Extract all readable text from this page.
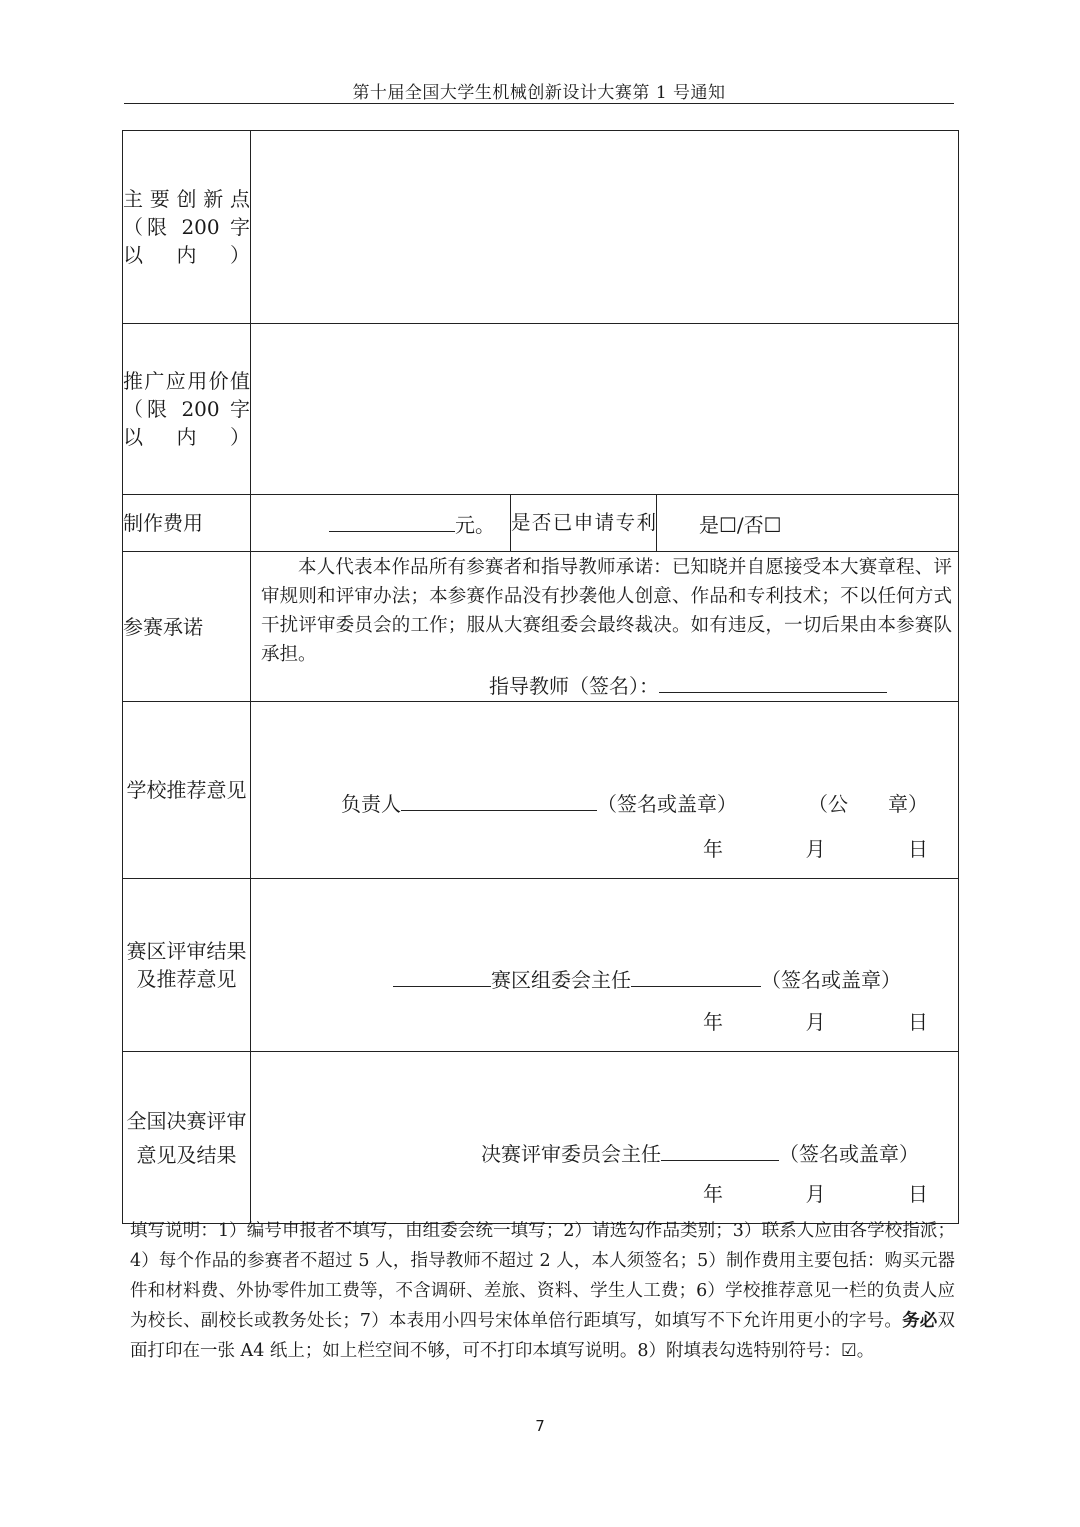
第十届全国大学生机械创新设计大赛第 1 号通知
主要创新点（限 200 字以内）			
推广应用价值（限 200 字以内）			
制作费用	元。	是否已申请专利	是☐/否☐
参赛承诺	本人代表本作品所有参赛者和指导教师承诺：已知晓并自愿接受本大赛章程、评审规则和评审办法；本参赛作品没有抄袭他人创意、作品和专利技术；不以任何方式干扰评审委员会的工作；服从大赛组委会最终裁决。如有违反，一切后果由本参赛队承担。
指导教师（签名）：		

学校推荐意见	负责人 （签名或盖章） （公　　章）
年 月 日		

赛区评审结果及推荐意见	赛区组委会主任 （签名或盖章）
年 月 日		

全国决赛评审意见及结果	决赛评审委员会主任 （签名或盖章）
年 月 日		
填写说明：1）编号申报者不填写，由组委会统一填写；2）请选勾作品类别；3）联系人应由各学校指派；4）每个作品的参赛者不超过 5 人，指导教师不超过 2 人，本人须签名；5）制作费用主要包括：购买元器件和材料费、外协零件加工费等，不含调研、差旅、资料、学生人工费；6）学校推荐意见一栏的负责人应为校长、副校长或教务处长；7）本表用小四号宋体单倍行距填写，如填写不下允许用更小的字号。务必双面打印在一张 A4 纸上；如上栏空间不够，可不打印本填写说明。8）附填表勾选特别符号：☑。
7
